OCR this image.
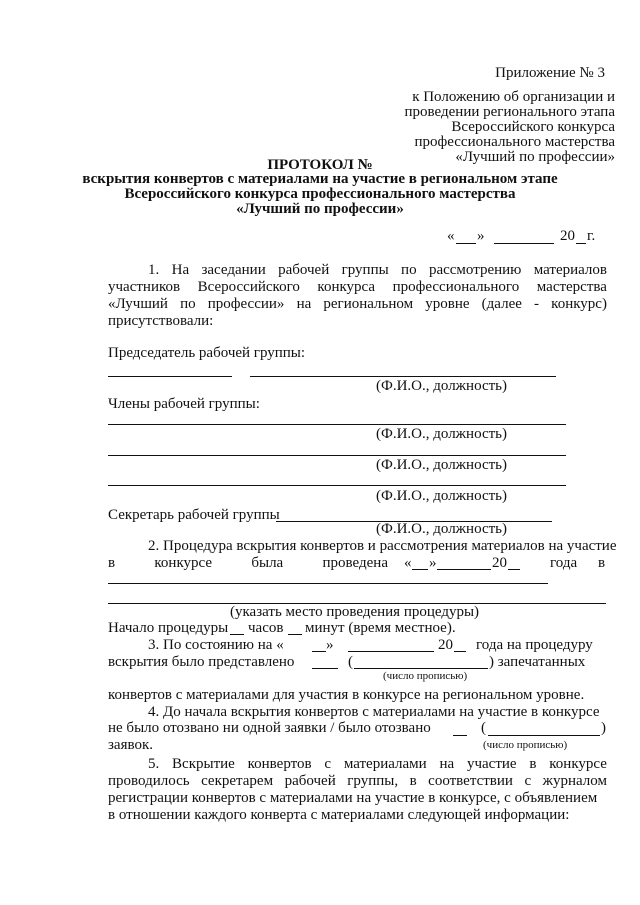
Приложение № 3
к Положению об организации и
проведении регионального этапа
Всероссийского конкурса
профессионального мастерства
«Лучший по профессии»
ПРОТОКОЛ №
вскрытия конвертов с материалами на участие в региональном этапе
Всероссийского конкурса профессионального мастерства
«Лучший по профессии»
« »	20 г.
1. На заседании рабочей группы по рассмотрению материалов
участников Всероссийского конкурса профессионального мастерства
«Лучший по профессии» на региональном уровне (далее - конкурс)
присутствовали:
Председатель рабочей группы:
(Ф.И.О., должность)
Члены рабочей группы:
(Ф.И.О., должность)
(Ф.И.О., должность)
(Ф.И.О., должность)
Секретарь рабочей группы
(Ф.И.О., должность)
2. Процедура вскрытия конвертов и рассмотрения материалов на участие
в	конкурсе	была	проведена « »	20	года в
(указать место проведения процедуры)
Начало процедуры часов минут (время местное).
3. По состоянию на «	»	20 года на процедуру
вскрытия было представлено	(	) запечатанных
(число прописью)
конвертов с материалами для участия в конкурсе на региональном уровне.
4. До начала вскрытия конвертов с материалами на участие в конкурсе
не было отозвано ни одной заявки / было отозвано	(	)
заявок.	(число прописью)
5. Вскрытие конвертов с материалами на участие в конкурсе
проводилось секретарем рабочей группы, в соответствии с журналом
регистрации конвертов с материалами на участие в конкурсе, с объявлением
в отношении каждого конверта с материалами следующей информации:
